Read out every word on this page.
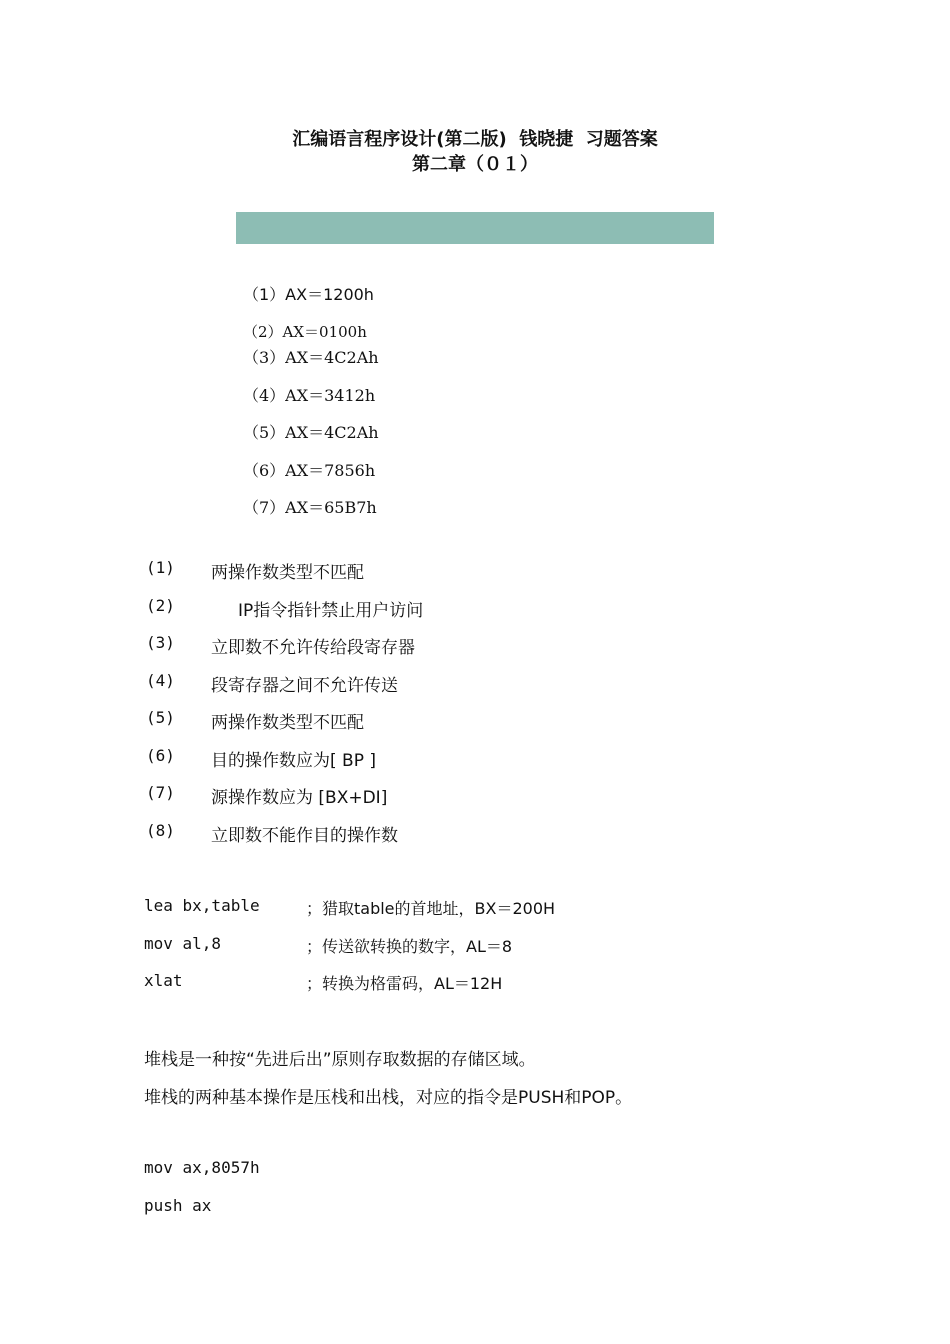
汇编语言程序设计(第二版)  钱晓捷  习题答案
第二章（０１）
（1）AX＝1200h
（2）AX＝0100h
（3）AX＝4C2Ah
（4）AX＝3412h
（5）AX＝4C2Ah
（6）AX＝7856h
（7）AX＝65B7h
(1) 两操作数类型不匹配
(2) IP指令指针禁止用户访问
(3) 立即数不允许传给段寄存器
(4) 段寄存器之间不允许传送
(5) 两操作数类型不匹配
(6) 目的操作数应为[ BP ]
(7) 源操作数应为 [BX+DI]
(8) 立即数不能作目的操作数
lea bx,table	；猎取table的首地址，BX＝200H
mov al,8	；传送欲转换的数字，AL＝8
xlat	；转换为格雷码，AL＝12H
堆栈是一种按“先进后出”原则存取数据的存储区域。
堆栈的两种基本操作是压栈和出栈，对应的指令是PUSH和POP。
mov ax,8057h
push ax
